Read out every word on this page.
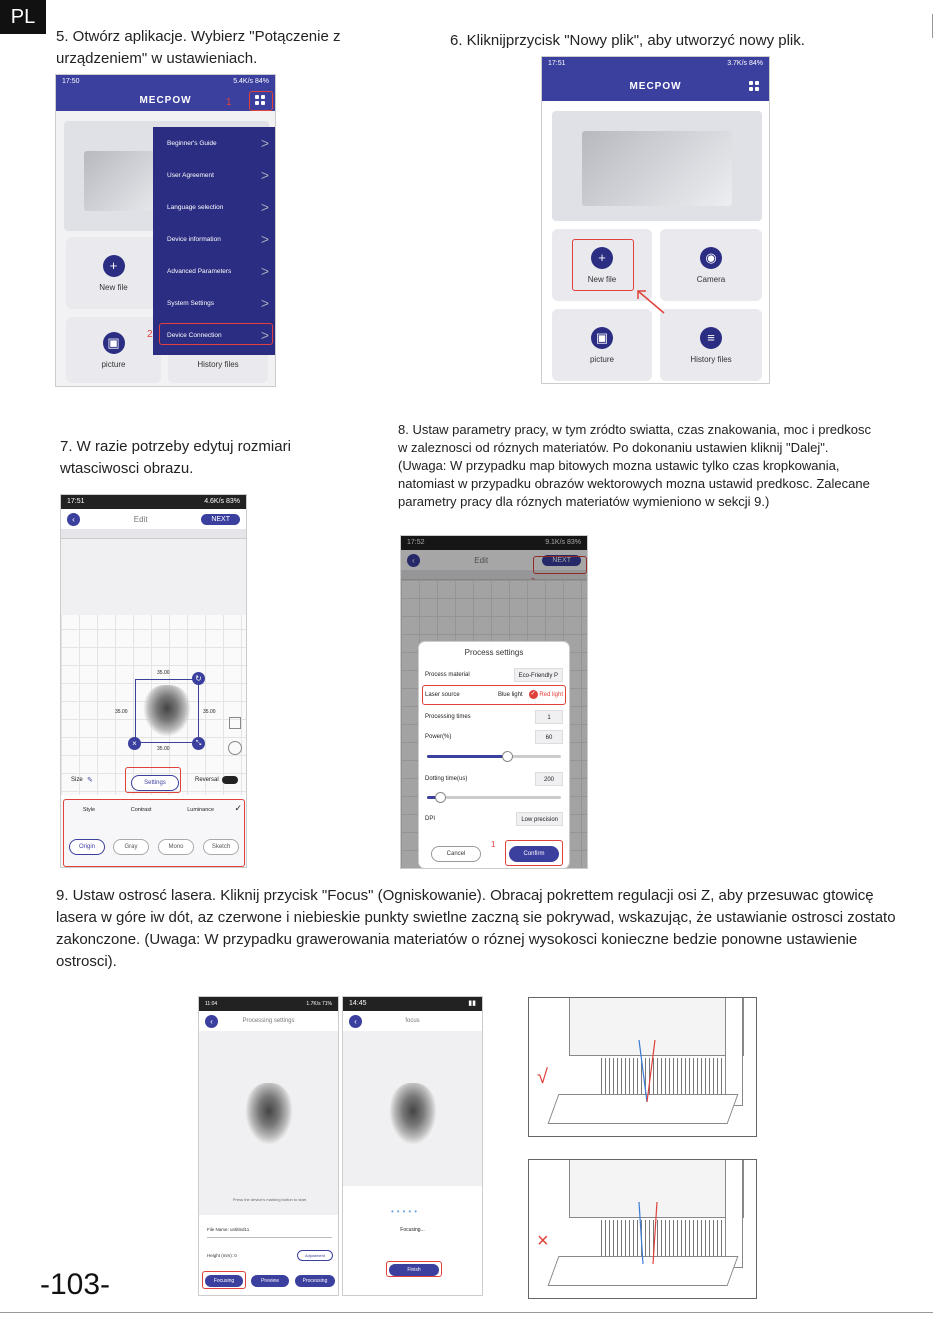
PL
5. Otwórz aplikacje. Wybierz "Potączenie z urządzeniem" w ustawieniach.
6. Kliknijprzycisk "Nowy plik", aby utworzyć nowy plik.
7. W razie potrzeby edytuj rozmiari wtasciwosci obrazu.
8. Ustaw parametry pracy, w tym zródto swiatta, czas znakowania, moc i predkosc w zaleznosci od róznych materiatów. Po dokonaniu ustawien kliknij "Dalej". (Uwaga: W przypadku map bitowych mozna ustawic tylko czas kropkowania, natomiast w przypadku obrazów wektorowych mozna ustawid predkosc. Zalecane parametry pracy dla róznych materiatów wymieniono w sekcji 9.)
9. Ustaw ostrosć lasera. Kliknij przycisk "Focus" (Ogniskowanie). Obracaj pokrettem regulacji osi Z, aby przesuwac gtowicę lasera w góre iw dót, az czerwone i niebieskie punkty swietlne zaczną sie pokrywad, wskazując, że ustawianie ostrosci zostato zakonczone. (Uwaga: W przypadku grawerowania materiatów o róznej wysokosci konieczne bedzie ponowne ustawienie ostrosci).
17:50	5.4K/s 84%
MECPOW	1
+
New file
▣
picture	History files
Beginner's Guide	>
User Agreement	>
Language selection	>
Device information	>
Advanced Parameters >
System Settings	>
Device Connection	>
2
17:51	3.7K/s 84%
MECPOW
+
New file
◉
Camera
▣
picture
≡
History files
17:51	4.6K/s 83%
‹	Edit	NEXT
35.00
35.00	35.00
35.00
↻
×	⤡
Size ✎	Settings	Reversal
Style	Contrast	Luminance ✓
Origin	Gray	Mono	Sketch
17:52	9.1K/s 83%
‹	Edit	NEXT
Process settings
Process material	Eco-Friendly P
Laser source	Blue light	✓ Red light
Processing times	1
Power(%)	60
Dotting time(us)	200
DPI	Low precision
Cancel	Confirm
1
11:04	1.7K/s 71%
‹	Processing settings
Press the device's marking button to start
File Name: untitled11
Height (mm): 0	Adjustment
Focusing	Preview	Processing
14:45	▮▮
‹	focus
•••••
Focusing...
Finish
√
×
-103-
